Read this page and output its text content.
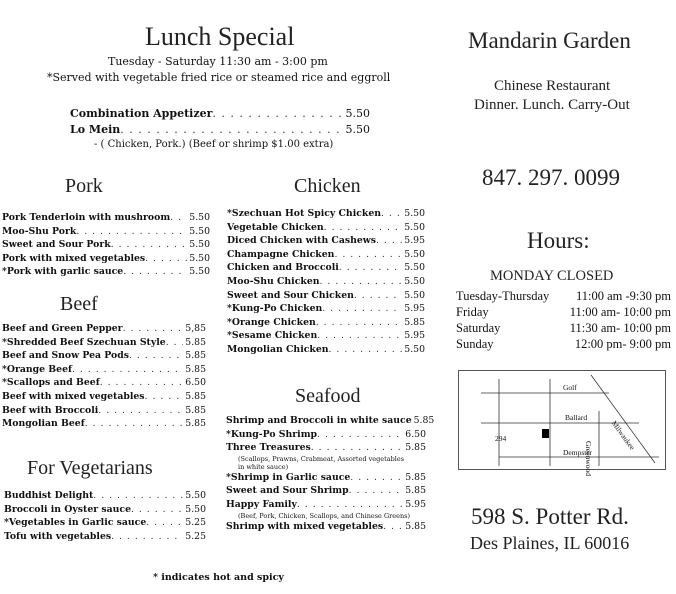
Lunch Special
Tuesday - Saturday 11:30 am - 3:00 pm
*Served with vegetable fried rice or steamed rice and eggroll
Combination Appetizer . . .	5.50
Lo Mein . . .	5.50
- ( Chicken, Pork.) (Beef or shrimp $1.00 extra)
Pork
Pork Tenderloin with mushroom . . . 5.50
Moo-Shu Pork . . .	5.50
Sweet and Sour Pork . . .	5.50
Pork with mixed vegetables . . .	5.50
*Pork with garlic sauce . . .	5.50
Beef
Beef and Green Pepper . . .	5,85
*Shredded Beef Szechuan Style . . . 5.85
Beef and Snow Pea Pods . . .	5.85
*Orange Beef . . .	5.85
*Scallops and Beef . . .	6.50
Beef with mixed vegetables . . .	5.85
Beef with Broccoli . . .	5.85
Mongolian Beef . . .	5.85
For Vegetarians
Buddhist Delight . . .	5.50
Broccoli in Oyster sauce . . .	5.50
*Vegetables in Garlic sauce . . .	5.25
Tofu with vegetables . . .	5.25
Chicken
*Szechuan Hot Spicy Chicken . . .	5.50
Vegetable Chicken . . .	5.50
Diced Chicken with Cashews . . .	5.95
Champagne Chicken . . .	5.50
Chicken and Broccoli . . .	5.50
Moo-Shu Chicken . . .	5.50
Sweet and Sour Chicken . . .	5.50
*Kung-Po Chicken . . .	5.95
*Orange Chicken . . .	5.85
*Sesame Chicken . . .	5.95
Mongolian Chicken . . .	5.50
Seafood
Shrimp and Broccoli in white sauce 5.85
*Kung-Po Shrimp . . .	6.50
Three Treasures . . .	5.85
(Scallops, Prawns, Crabmeat, Assorted vegetables
in white sauce)
*Shrimp in Garlic sauce . . .	5.85
Sweet and Sour Shrimp . . .	5.85
Happy Family . . .	5.95
(Beef, Pork, Chicken, Scallops, and Chinese Greens)
Shrimp with mixed vegetables . . . 5.85
* indicates hot and spicy
Mandarin Garden
Chinese Restaurant
Dinner. Lunch. Carry-Out
847. 297. 0099
Hours:
MONDAY CLOSED
Tuesday-Thursday 11:00 am -9:30 pm
Friday	11:00 am- 10:00 pm
Saturday	11:30 am- 10:00 pm
Sunday	12:00 pm- 9:00 pm
Golf
Ballard
Dempster
294
Greenwood
Milwaukee
598 S. Potter Rd.
Des Plaines, IL 60016
